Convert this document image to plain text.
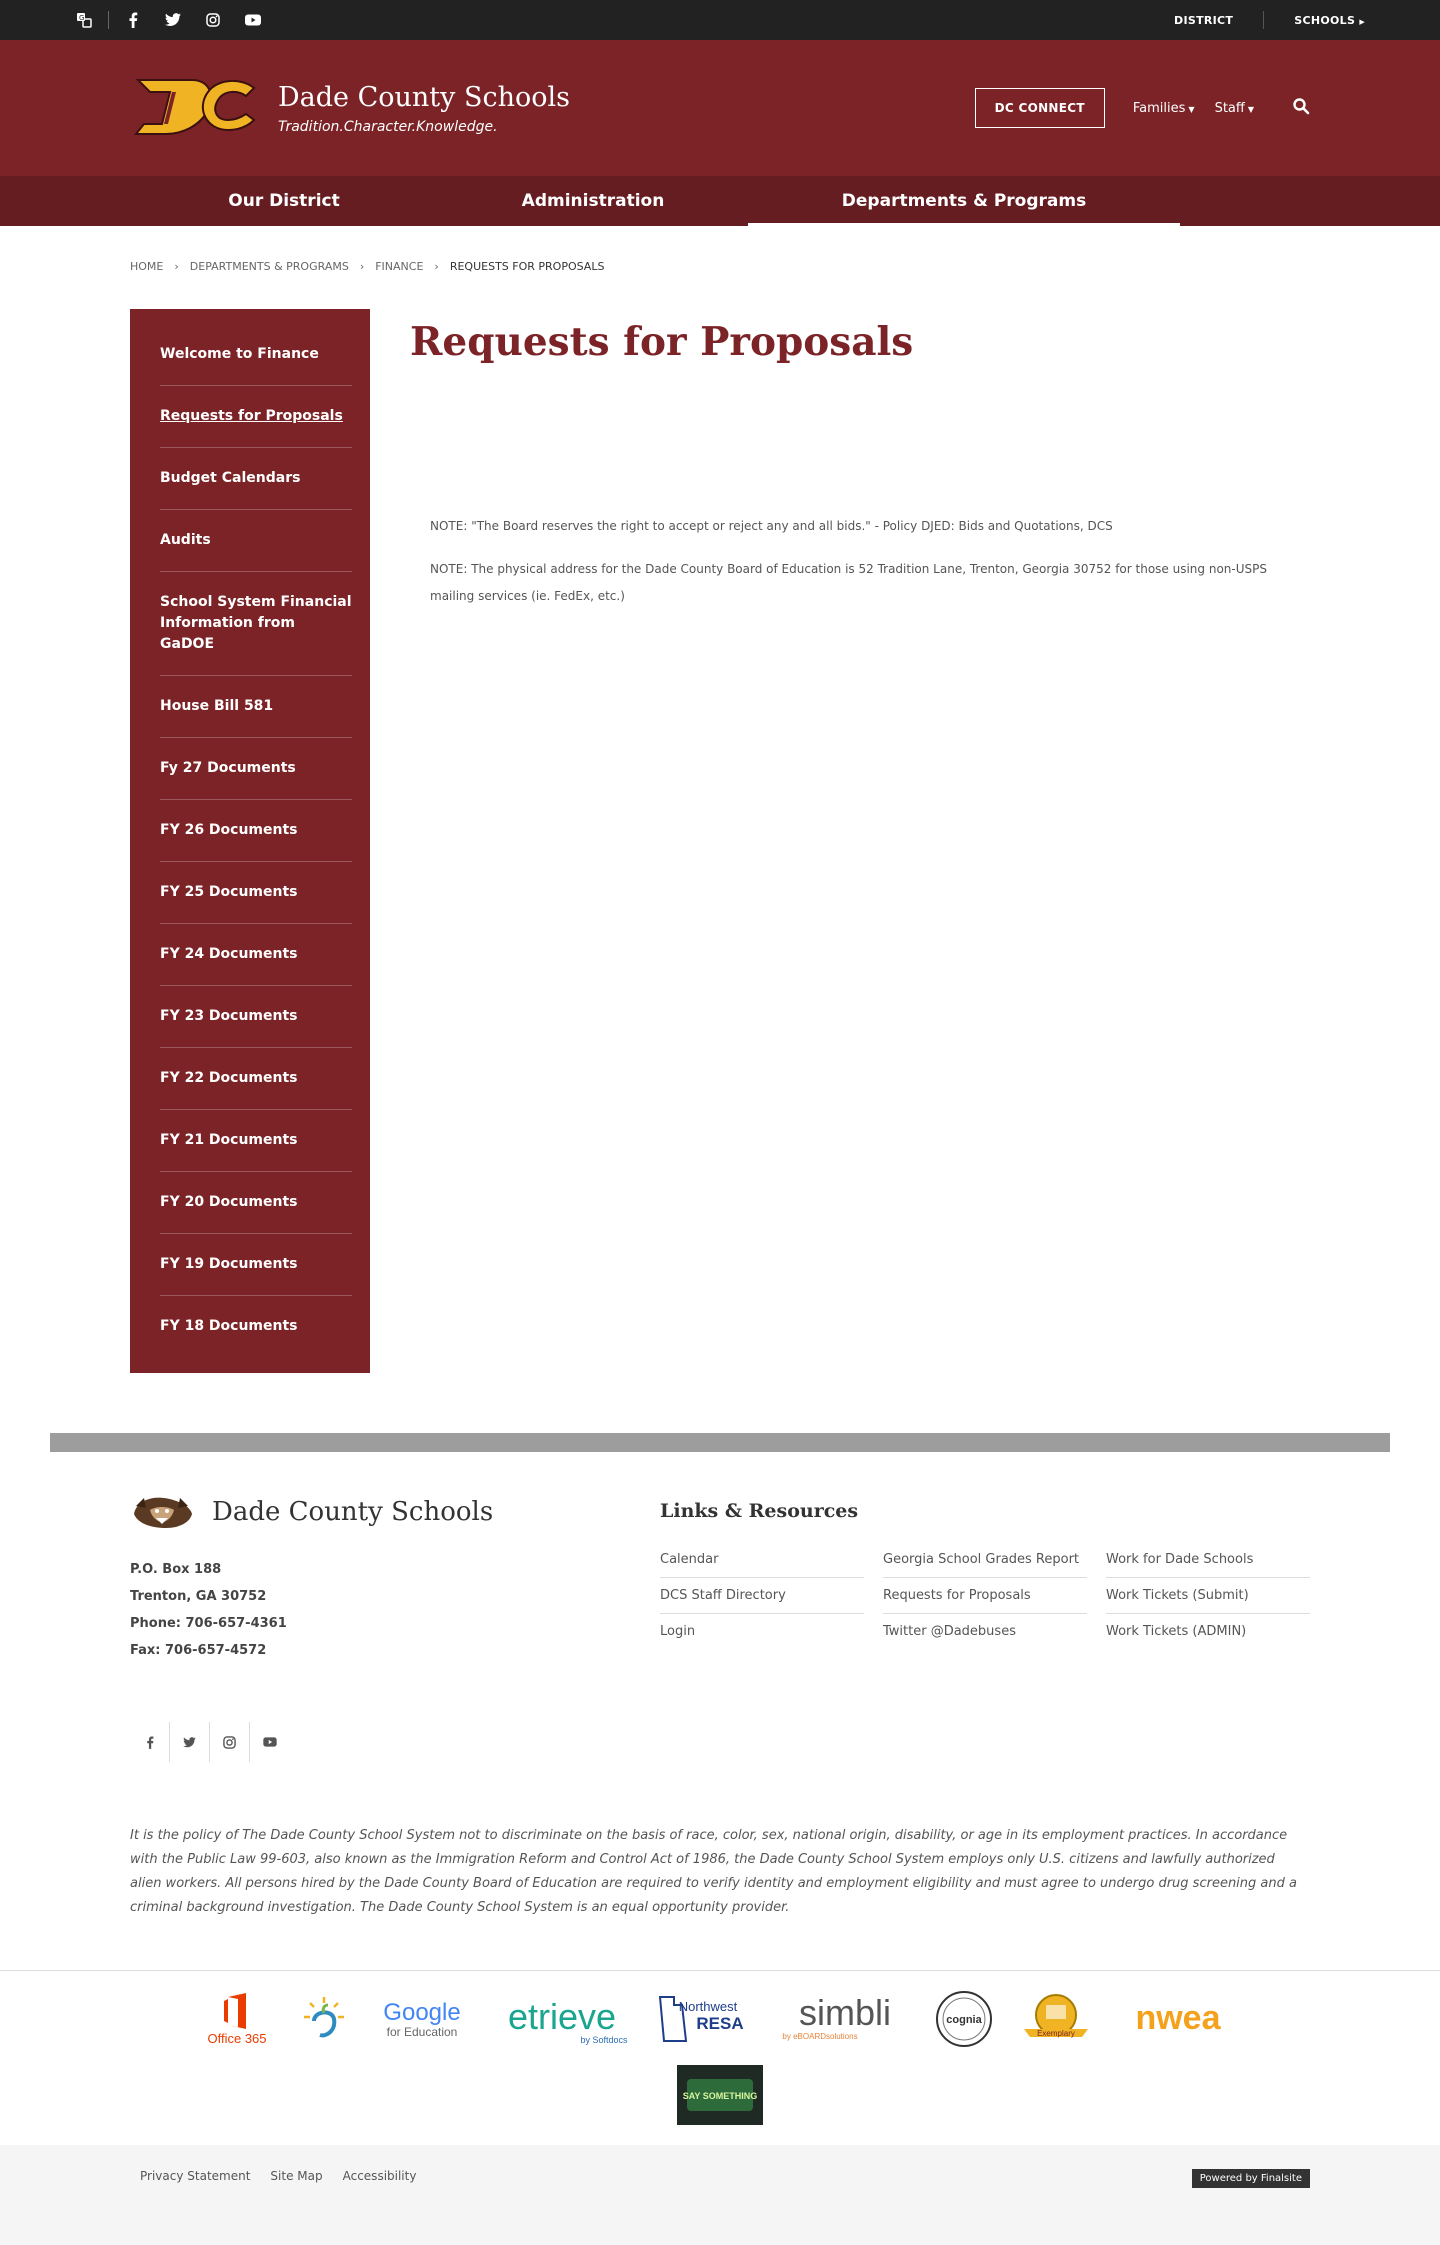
G	DISTRICT	SCHOOLS ▶
Dade County Schools
Tradition.Character.Knowledge.
DC CONNECT	Families ▼ Staff ▼
Our District	Administration	Departments & Programs
HOME › DEPARTMENTS & PROGRAMS › FINANCE › REQUESTS FOR PROPOSALS
Welcome to Finance
Requests for Proposals
Budget Calendars
Audits
School System Financial Information from GaDOE
House Bill 581
Fy 27 Documents
FY 26 Documents
FY 25 Documents
FY 24 Documents
FY 23 Documents
FY 22 Documents
FY 21 Documents
FY 20 Documents
FY 19 Documents
FY 18 Documents
Requests for Proposals

NOTE: "The Board reserves the right to accept or reject any and all bids." - Policy DJED: Bids and Quotations, DCS

NOTE: The physical address for the Dade County Board of Education is 52 Tradition Lane, Trenton, Georgia 30752 for those using non-USPS mailing services (ie. FedEx, etc.)

Dade County Schools
P.O. Box 188
Trenton, GA 30752
Phone: 706-657-4361
Fax: 706-657-4572
Links & Resources
Calendar	Georgia School Grades Report	Work for Dade Schools
DCS Staff Directory	Requests for Proposals	Work Tickets (Submit)
Login	Twitter @Dadebuses	Work Tickets (ADMIN)

It is the policy of The Dade County School System not to discriminate on the basis of race, color, sex, national origin, disability, or age in its employment practices. In accordance with the Public Law 99-603, also known as the Immigration Reform and Control Act of 1986, the Dade County School System employs only U.S. citizens and lawfully authorized alien workers. All persons hired by the Dade County Board of Education are required to verify identity and employment eligibility and must agree to undergo drug screening and a criminal background investigation. The Dade County School System is an equal opportunity provider.

Office 365
Google
for Education etrieve
by Softdocs
Northwest
RESA simbli
by eBOARDsolutions
cognia
Exemplary nwea
SAY SOMETHING
Privacy Statement Site Map Accessibility	Powered by Finalsite
